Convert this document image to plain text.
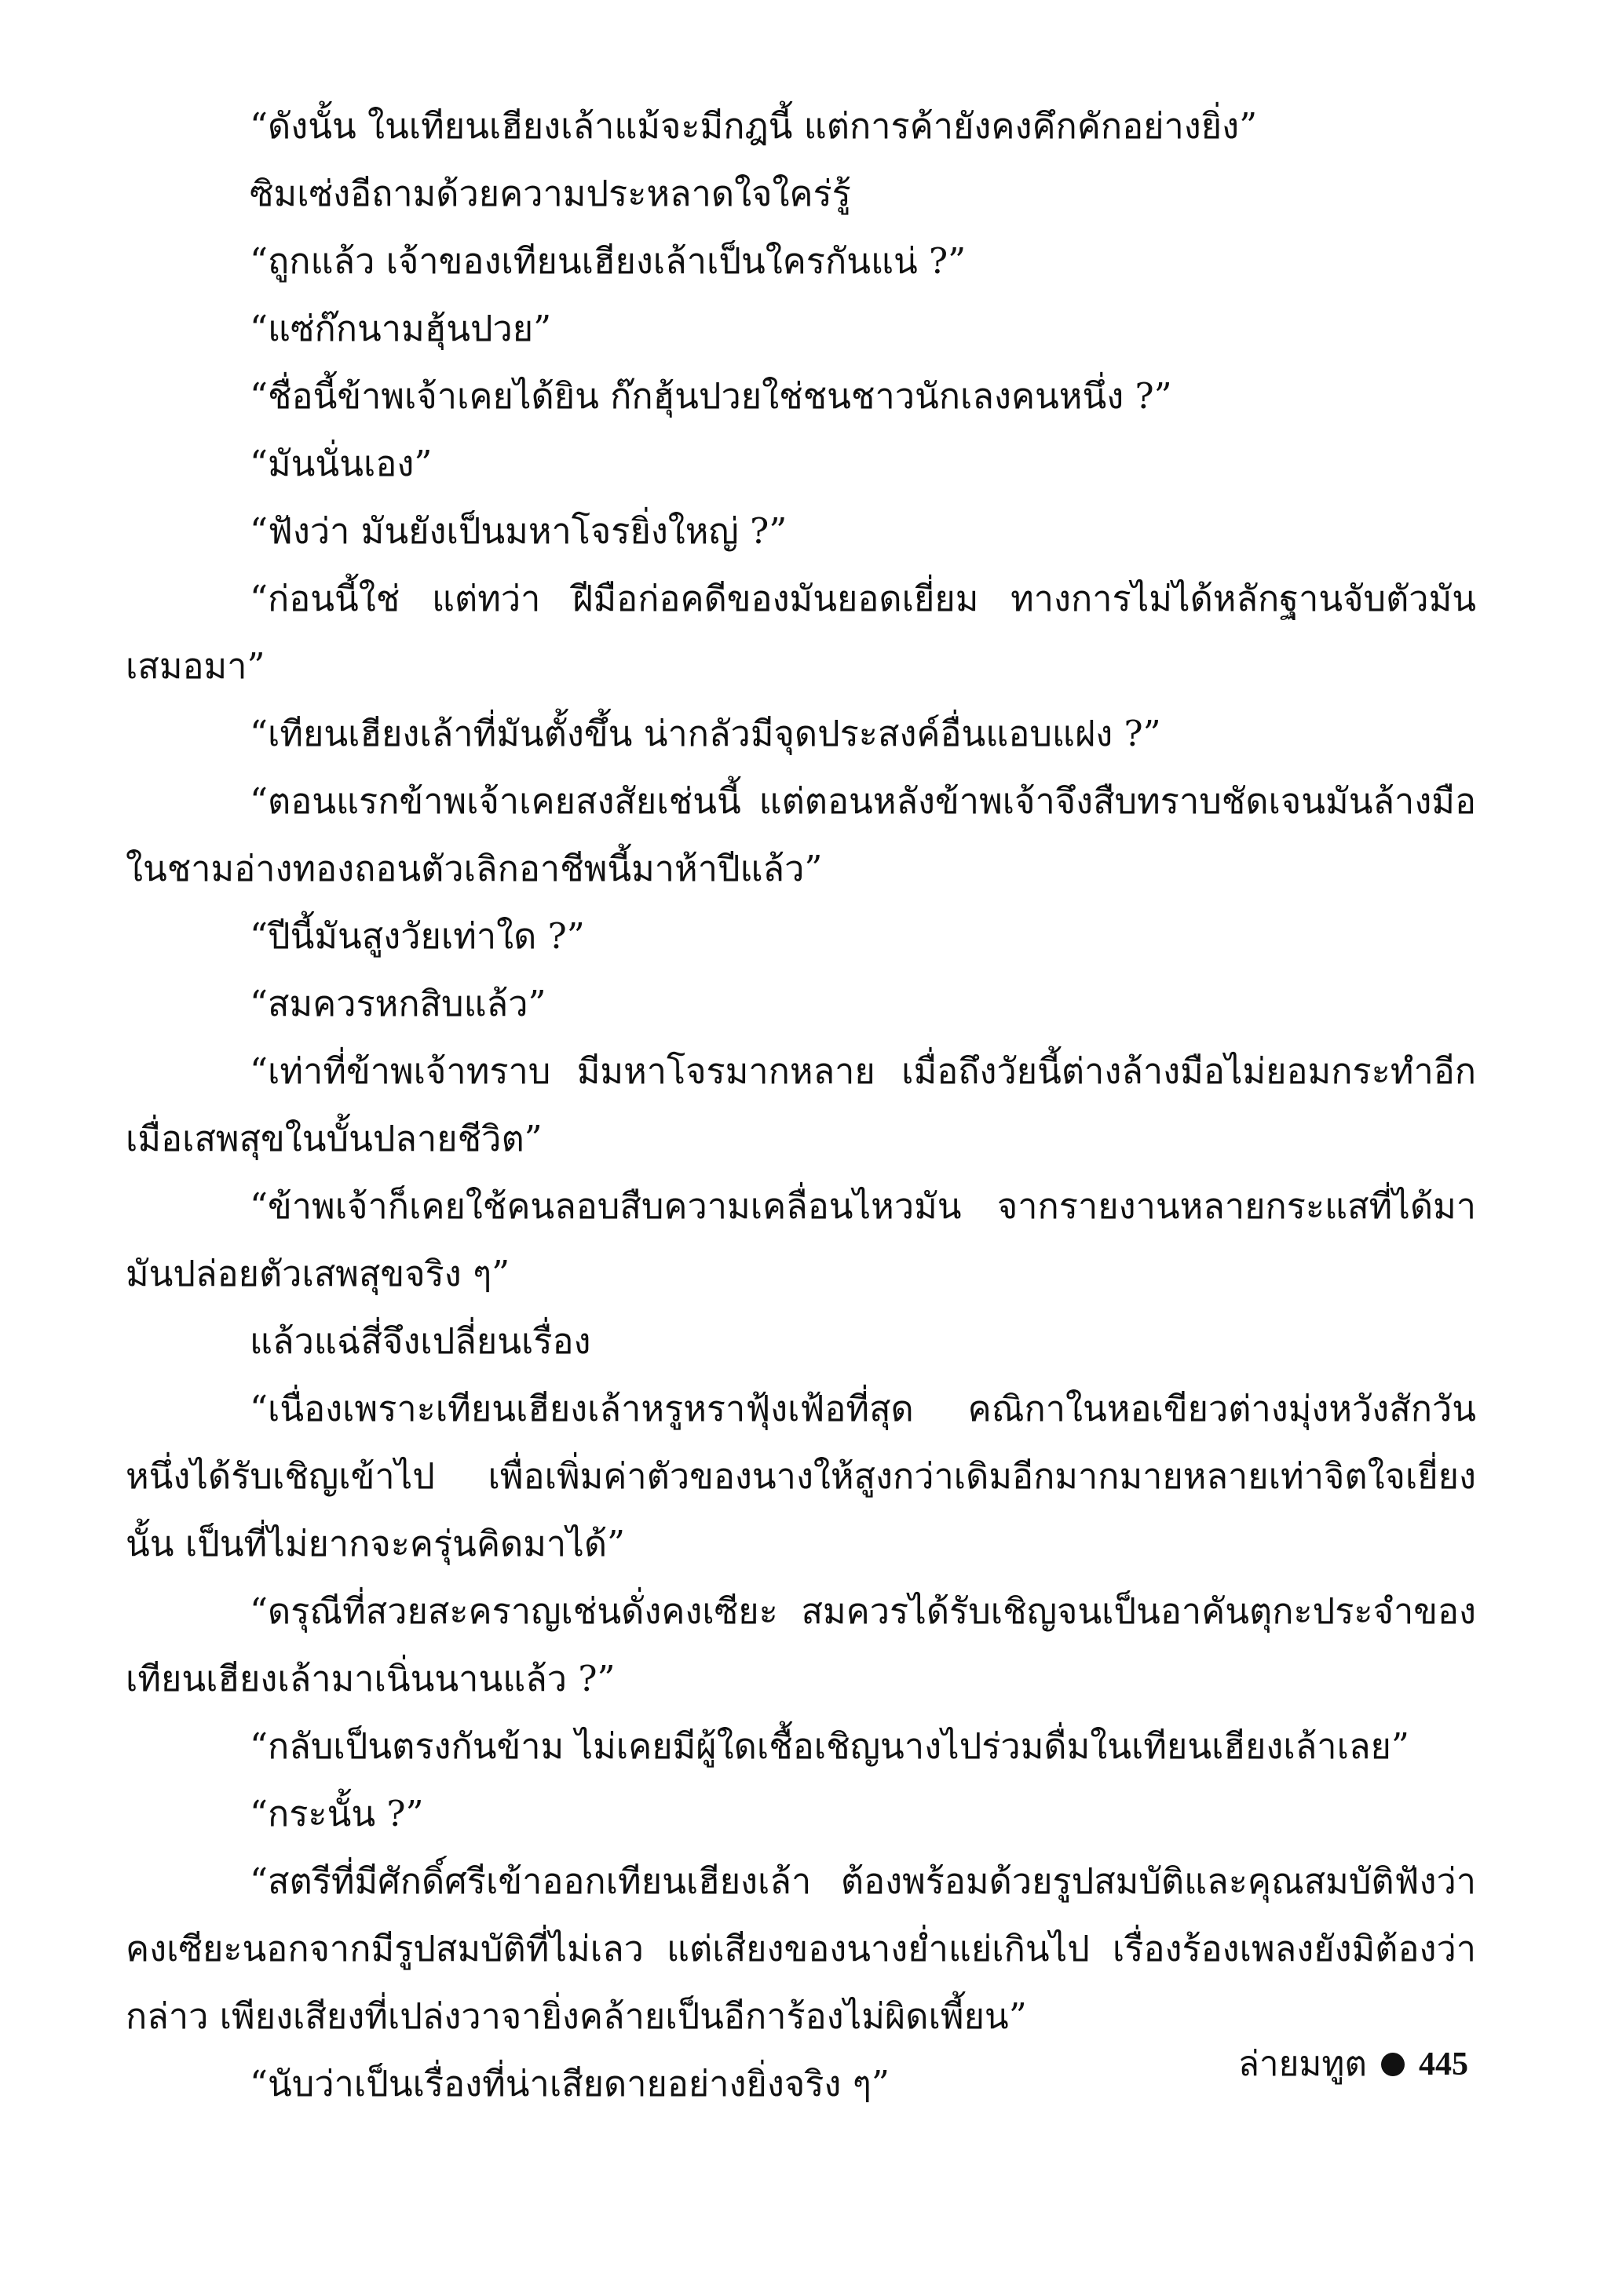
“ดังนั้น ในเทียนเฮียงเล้าแม้จะมีกฎนี้ แต่การค้ายังคงคึกคักอย่างยิ่ง”

ซิมเซ่งอีถามด้วยความประหลาดใจใคร่รู้

“ถูกแล้ว เจ้าของเทียนเฮียงเล้าเป็นใครกันแน่ ?”

“แซ่ก๊กนามฮุ้นปวย”

“ชื่อนี้ข้าพเจ้าเคยได้ยิน ก๊กฮุ้นปวยใช่ชนชาวนักเลงคนหนึ่ง ?”

“มันนั่นเอง”

“ฟังว่า มันยังเป็นมหาโจรยิ่งใหญ่ ?”

“ก่อนนี้ใช่ แต่ทว่า ฝีมือก่อคดีของมันยอดเยี่ยม ทางการไม่ได้หลักฐานจับตัวมันเสมอมา”

“เทียนเฮียงเล้าที่มันตั้งขึ้น น่ากลัวมีจุดประสงค์อื่นแอบแฝง ?”

“ตอนแรกข้าพเจ้าเคยสงสัยเช่นนี้ แต่ตอนหลังข้าพเจ้าจึงสืบทราบชัดเจนมันล้างมือในชามอ่างทองถอนตัวเลิกอาชีพนี้มาห้าปีแล้ว”

“ปีนี้มันสูงวัยเท่าใด ?”

“สมควรหกสิบแล้ว”

“เท่าที่ข้าพเจ้าทราบ มีมหาโจรมากหลาย เมื่อถึงวัยนี้ต่างล้างมือไม่ยอมกระทำอีก เมื่อเสพสุขในบั้นปลายชีวิต”

“ข้าพเจ้าก็เคยใช้คนลอบสืบความเคลื่อนไหวมัน จากรายงานหลายกระแสที่ได้มา มันปล่อยตัวเสพสุขจริง ๆ”

แล้วแฉ่สี่จึงเปลี่ยนเรื่อง

“เนื่องเพราะเทียนเฮียงเล้าหรูหราฟุ้งเฟ้อที่สุด คณิกาในหอเขียวต่างมุ่งหวังสักวันหนึ่งได้รับเชิญเข้าไป เพื่อเพิ่มค่าตัวของนางให้สูงกว่าเดิมอีกมากมายหลายเท่าจิตใจเยี่ยงนั้น เป็นที่ไม่ยากจะครุ่นคิดมาได้”

“ดรุณีที่สวยสะคราญเช่นดั่งคงเซียะ สมควรได้รับเชิญจนเป็นอาคันตุกะประจำของเทียนเฮียงเล้ามาเนิ่นนานแล้ว ?”

“กลับเป็นตรงกันข้าม ไม่เคยมีผู้ใดเชื้อเชิญนางไปร่วมดื่มในเทียนเฮียงเล้าเลย”

“กระนั้น ?”

“สตรีที่มีศักดิ์ศรีเข้าออกเทียนเฮียงเล้า ต้องพร้อมด้วยรูปสมบัติและคุณสมบัติฟังว่า คงเซียะนอกจากมีรูปสมบัติที่ไม่เลว แต่เสียงของนางย่ำแย่เกินไป เรื่องร้องเพลงยังมิต้องว่ากล่าว เพียงเสียงที่เปล่งวาจายิ่งคล้ายเป็นอีการ้องไม่ผิดเพี้ยน”

“นับว่าเป็นเรื่องที่น่าเสียดายอย่างยิ่งจริง ๆ”	ล่ายมทูต 445
